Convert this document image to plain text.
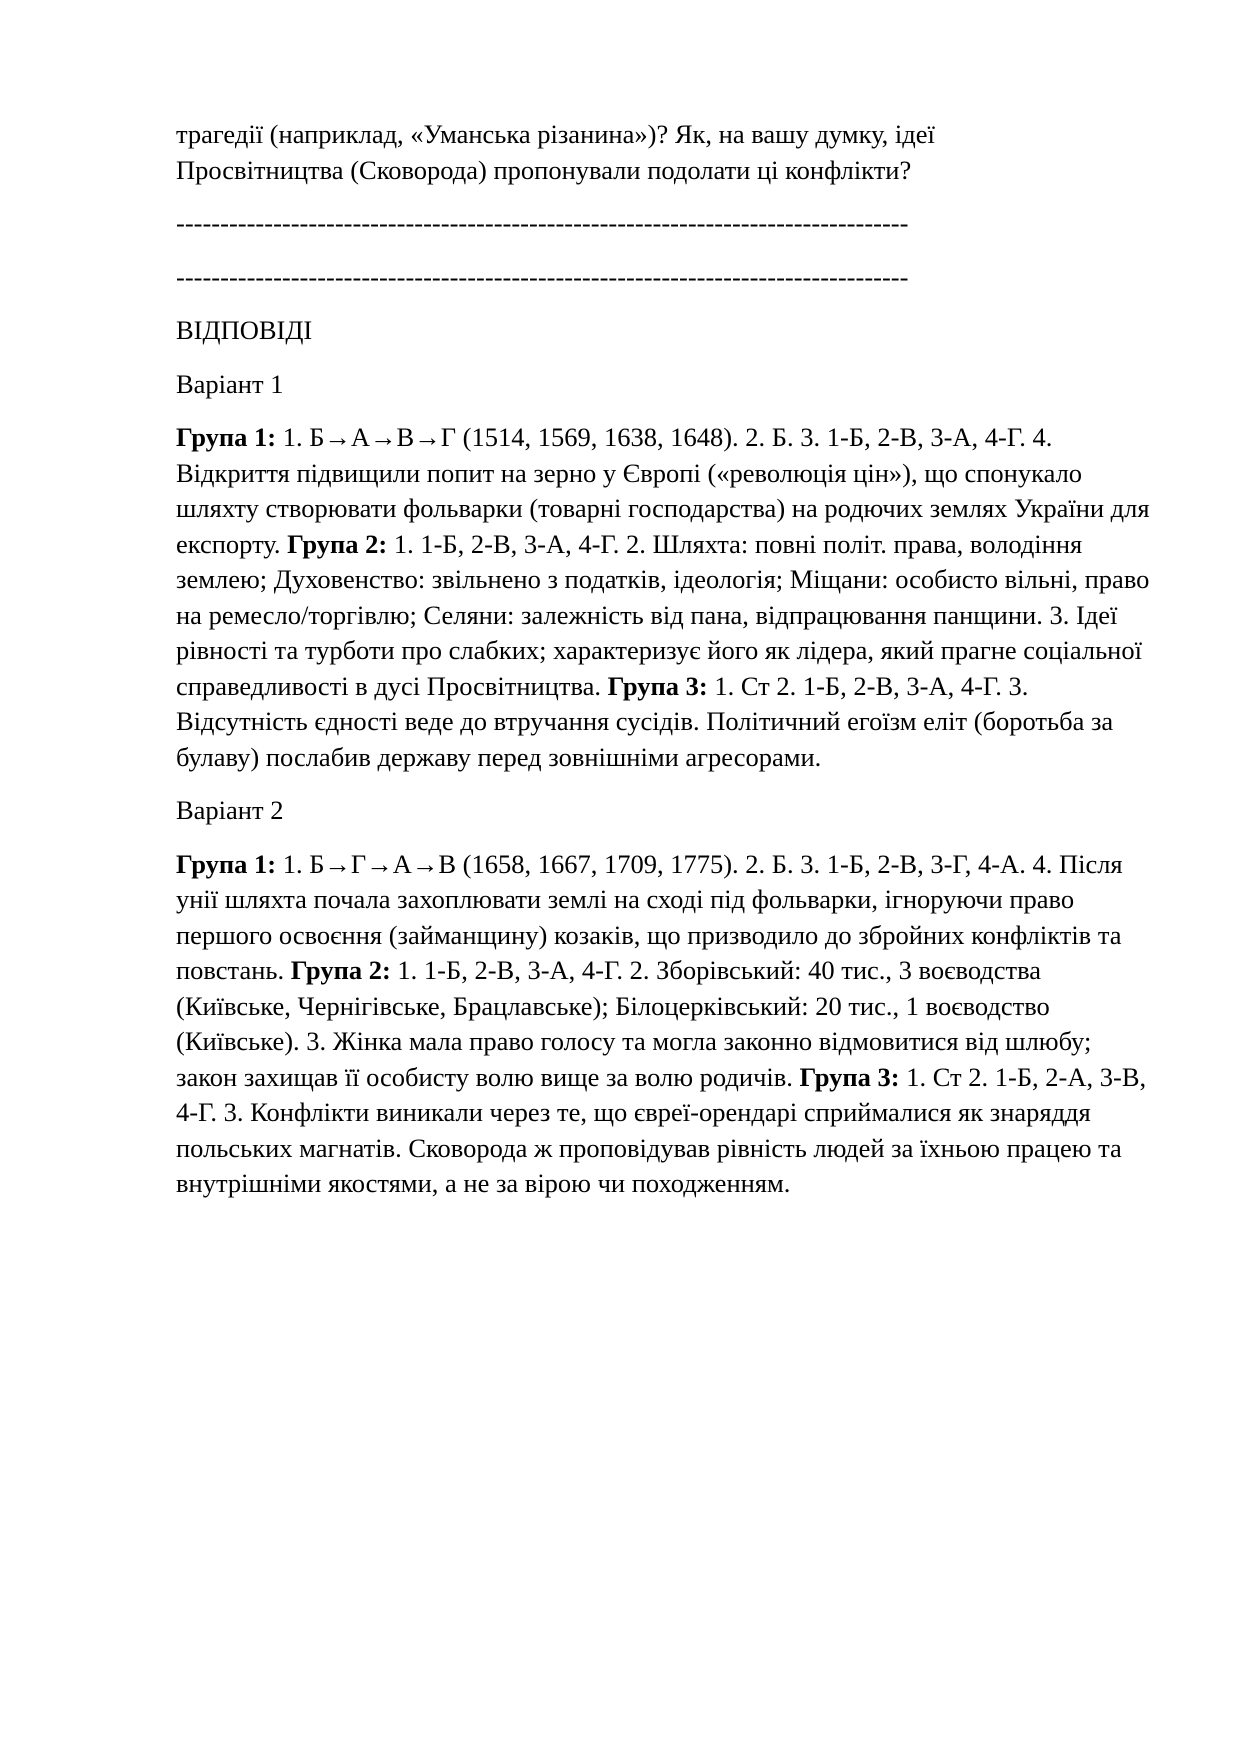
трагедії (наприклад, «Уманська різанина»)? Як, на вашу думку, ідеї
Просвітництва (Сковорода) пропонували подолати ці конфлікти?

-----------------------------------------------------------------------------------

-----------------------------------------------------------------------------------

ВІДПОВІДІ

Варіант 1

Група 1: 1. Б→А→В→Г (1514, 1569, 1638, 1648). 2. Б. 3. 1-Б, 2-В, 3-А, 4-Г. 4. Відкриття підвищили попит на зерно у Європі («революція цін»), що спонукало шляхту створювати фольварки (товарні господарства) на родючих землях України для експорту. Група 2: 1. 1-Б, 2-В, 3-А, 4-Г. 2. Шляхта: повні політ. права, володіння землею; Духовенство: звільнено з податків, ідеологія; Міщани: особисто вільні, право на ремесло/торгівлю; Селяни: залежність від пана, відпрацювання панщини. 3. Ідеї рівності та турботи про слабких; характеризує його як лідера, який прагне соціальної справедливості в дусі Просвітництва. Група 3: 1. Ст 2. 1-Б, 2-В, 3-А, 4-Г. 3. Відсутність єдності веде до втручання сусідів. Політичний егоїзм еліт (боротьба за булаву) послабив державу перед зовнішніми агресорами.

Варіант 2

Група 1: 1. Б→Г→А→В (1658, 1667, 1709, 1775). 2. Б. 3. 1-Б, 2-В, 3-Г, 4-А. 4. Після унії шляхта почала захоплювати землі на сході під фольварки, ігноруючи право першого освоєння (займанщину) козаків, що призводило до збройних конфліктів та повстань. Група 2: 1. 1-Б, 2-В, 3-А, 4-Г. 2. Зборівський: 40 тис., 3 воєводства (Київське, Чернігівське, Брацлавське); Білоцерківський: 20 тис., 1 воєводство (Київське). 3. Жінка мала право голосу та могла законно відмовитися від шлюбу; закон захищав її особисту волю вище за волю родичів. Група 3: 1. Ст 2. 1-Б, 2-А, 3-В, 4-Г. 3. Конфлікти виникали через те, що євреї-орендарі сприймалися як знаряддя польських магнатів. Сковорода ж проповідував рівність людей за їхньою працею та внутрішніми якостями, а не за вірою чи походженням.
